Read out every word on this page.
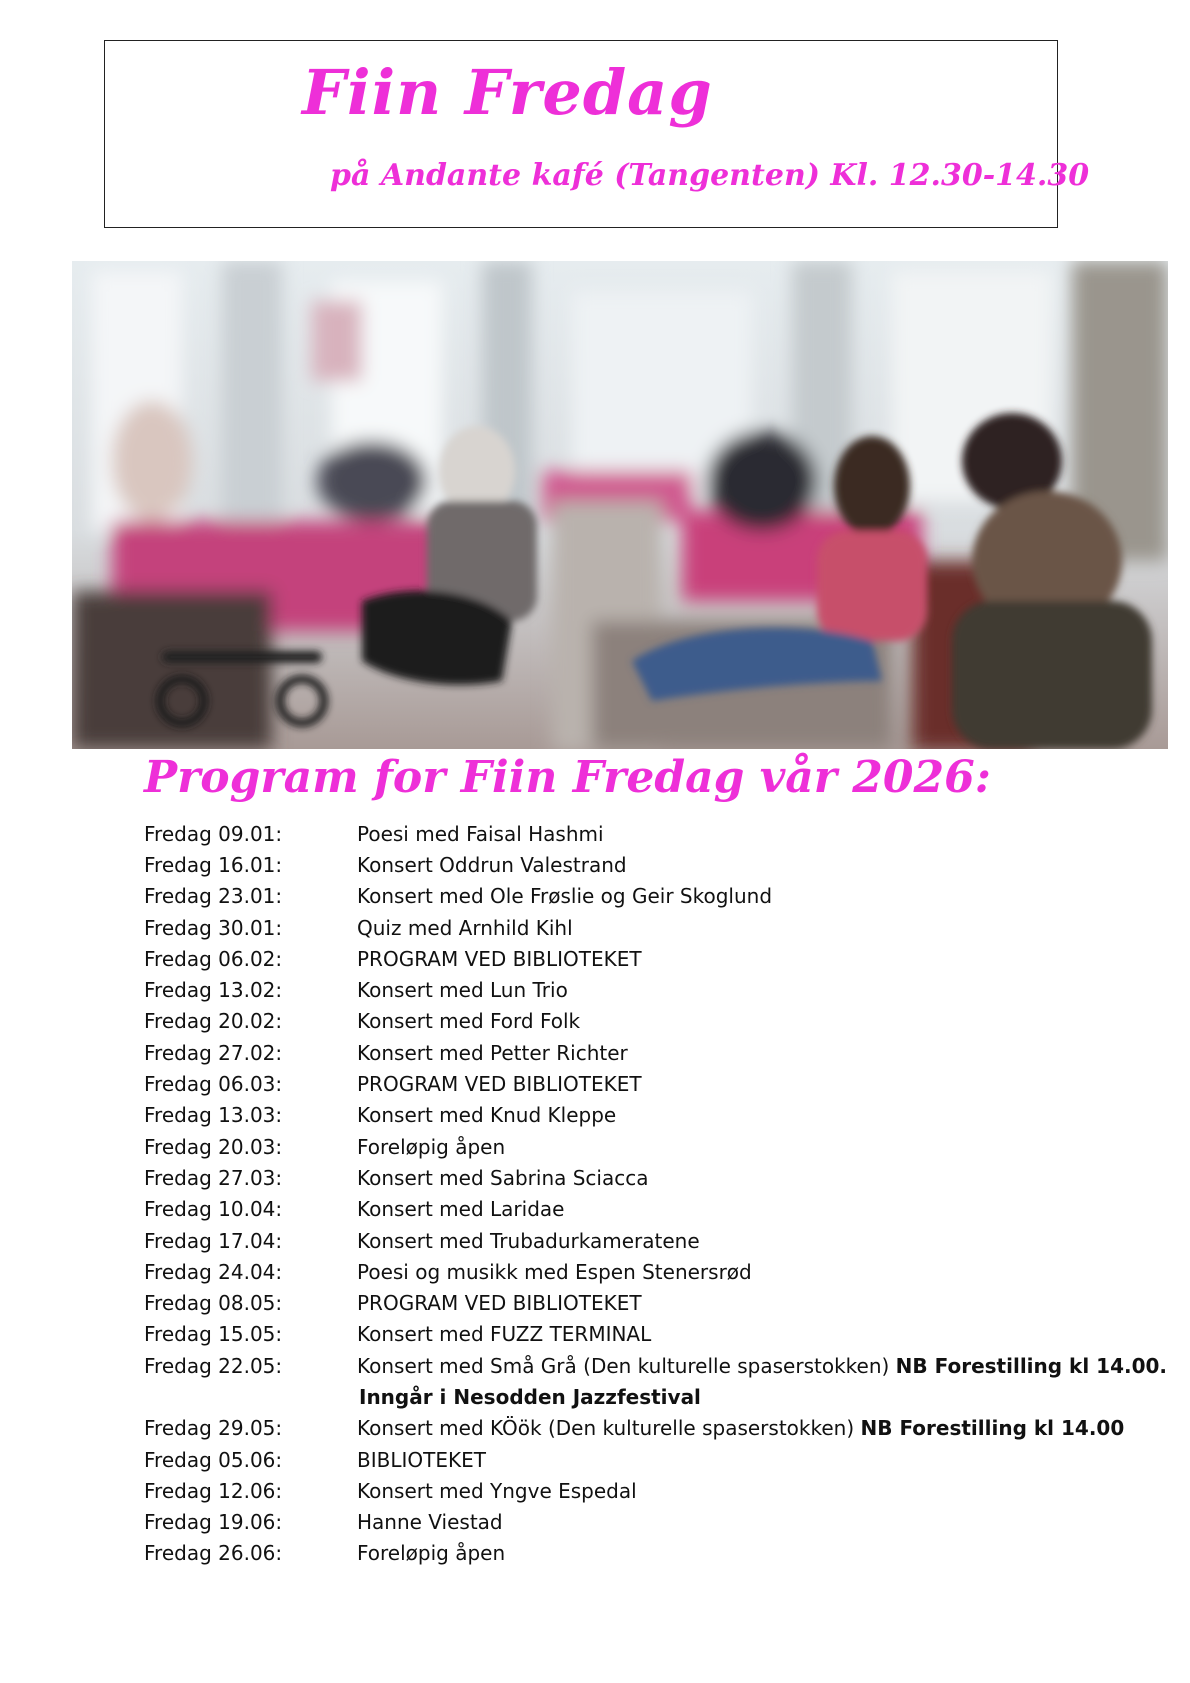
Fiin Fredag
på Andante kafé (Tangenten) Kl. 12.30-14.30
Program for Fiin Fredag vår 2026:
Fredag 09.01:	Poesi med Faisal Hashmi
Fredag 16.01:	Konsert Oddrun Valestrand
Fredag 23.01:	Konsert med Ole Frøslie og Geir Skoglund
Fredag 30.01:	Quiz med Arnhild Kihl
Fredag 06.02:	PROGRAM VED BIBLIOTEKET
Fredag 13.02:	Konsert med Lun Trio
Fredag 20.02:	Konsert med Ford Folk
Fredag 27.02:	Konsert med Petter Richter
Fredag 06.03:	PROGRAM VED BIBLIOTEKET
Fredag 13.03:	Konsert med Knud Kleppe
Fredag 20.03:	Foreløpig åpen
Fredag 27.03:	Konsert med Sabrina Sciacca
Fredag 10.04:	Konsert med Laridae
Fredag 17.04:	Konsert med Trubadurkameratene
Fredag 24.04:	Poesi og musikk med Espen Stenersrød
Fredag 08.05:	PROGRAM VED BIBLIOTEKET
Fredag 15.05:	Konsert med FUZZ TERMINAL
Fredag 22.05:	Konsert med Små Grå (Den kulturelle spaserstokken) NB Forestilling kl 14.00.
Inngår i Nesodden Jazzfestival
Fredag 29.05:	Konsert med KÖök (Den kulturelle spaserstokken) NB Forestilling kl 14.00
Fredag 05.06:	BIBLIOTEKET
Fredag 12.06:	Konsert med Yngve Espedal
Fredag 19.06:	Hanne Viestad
Fredag 26.06:	Foreløpig åpen
